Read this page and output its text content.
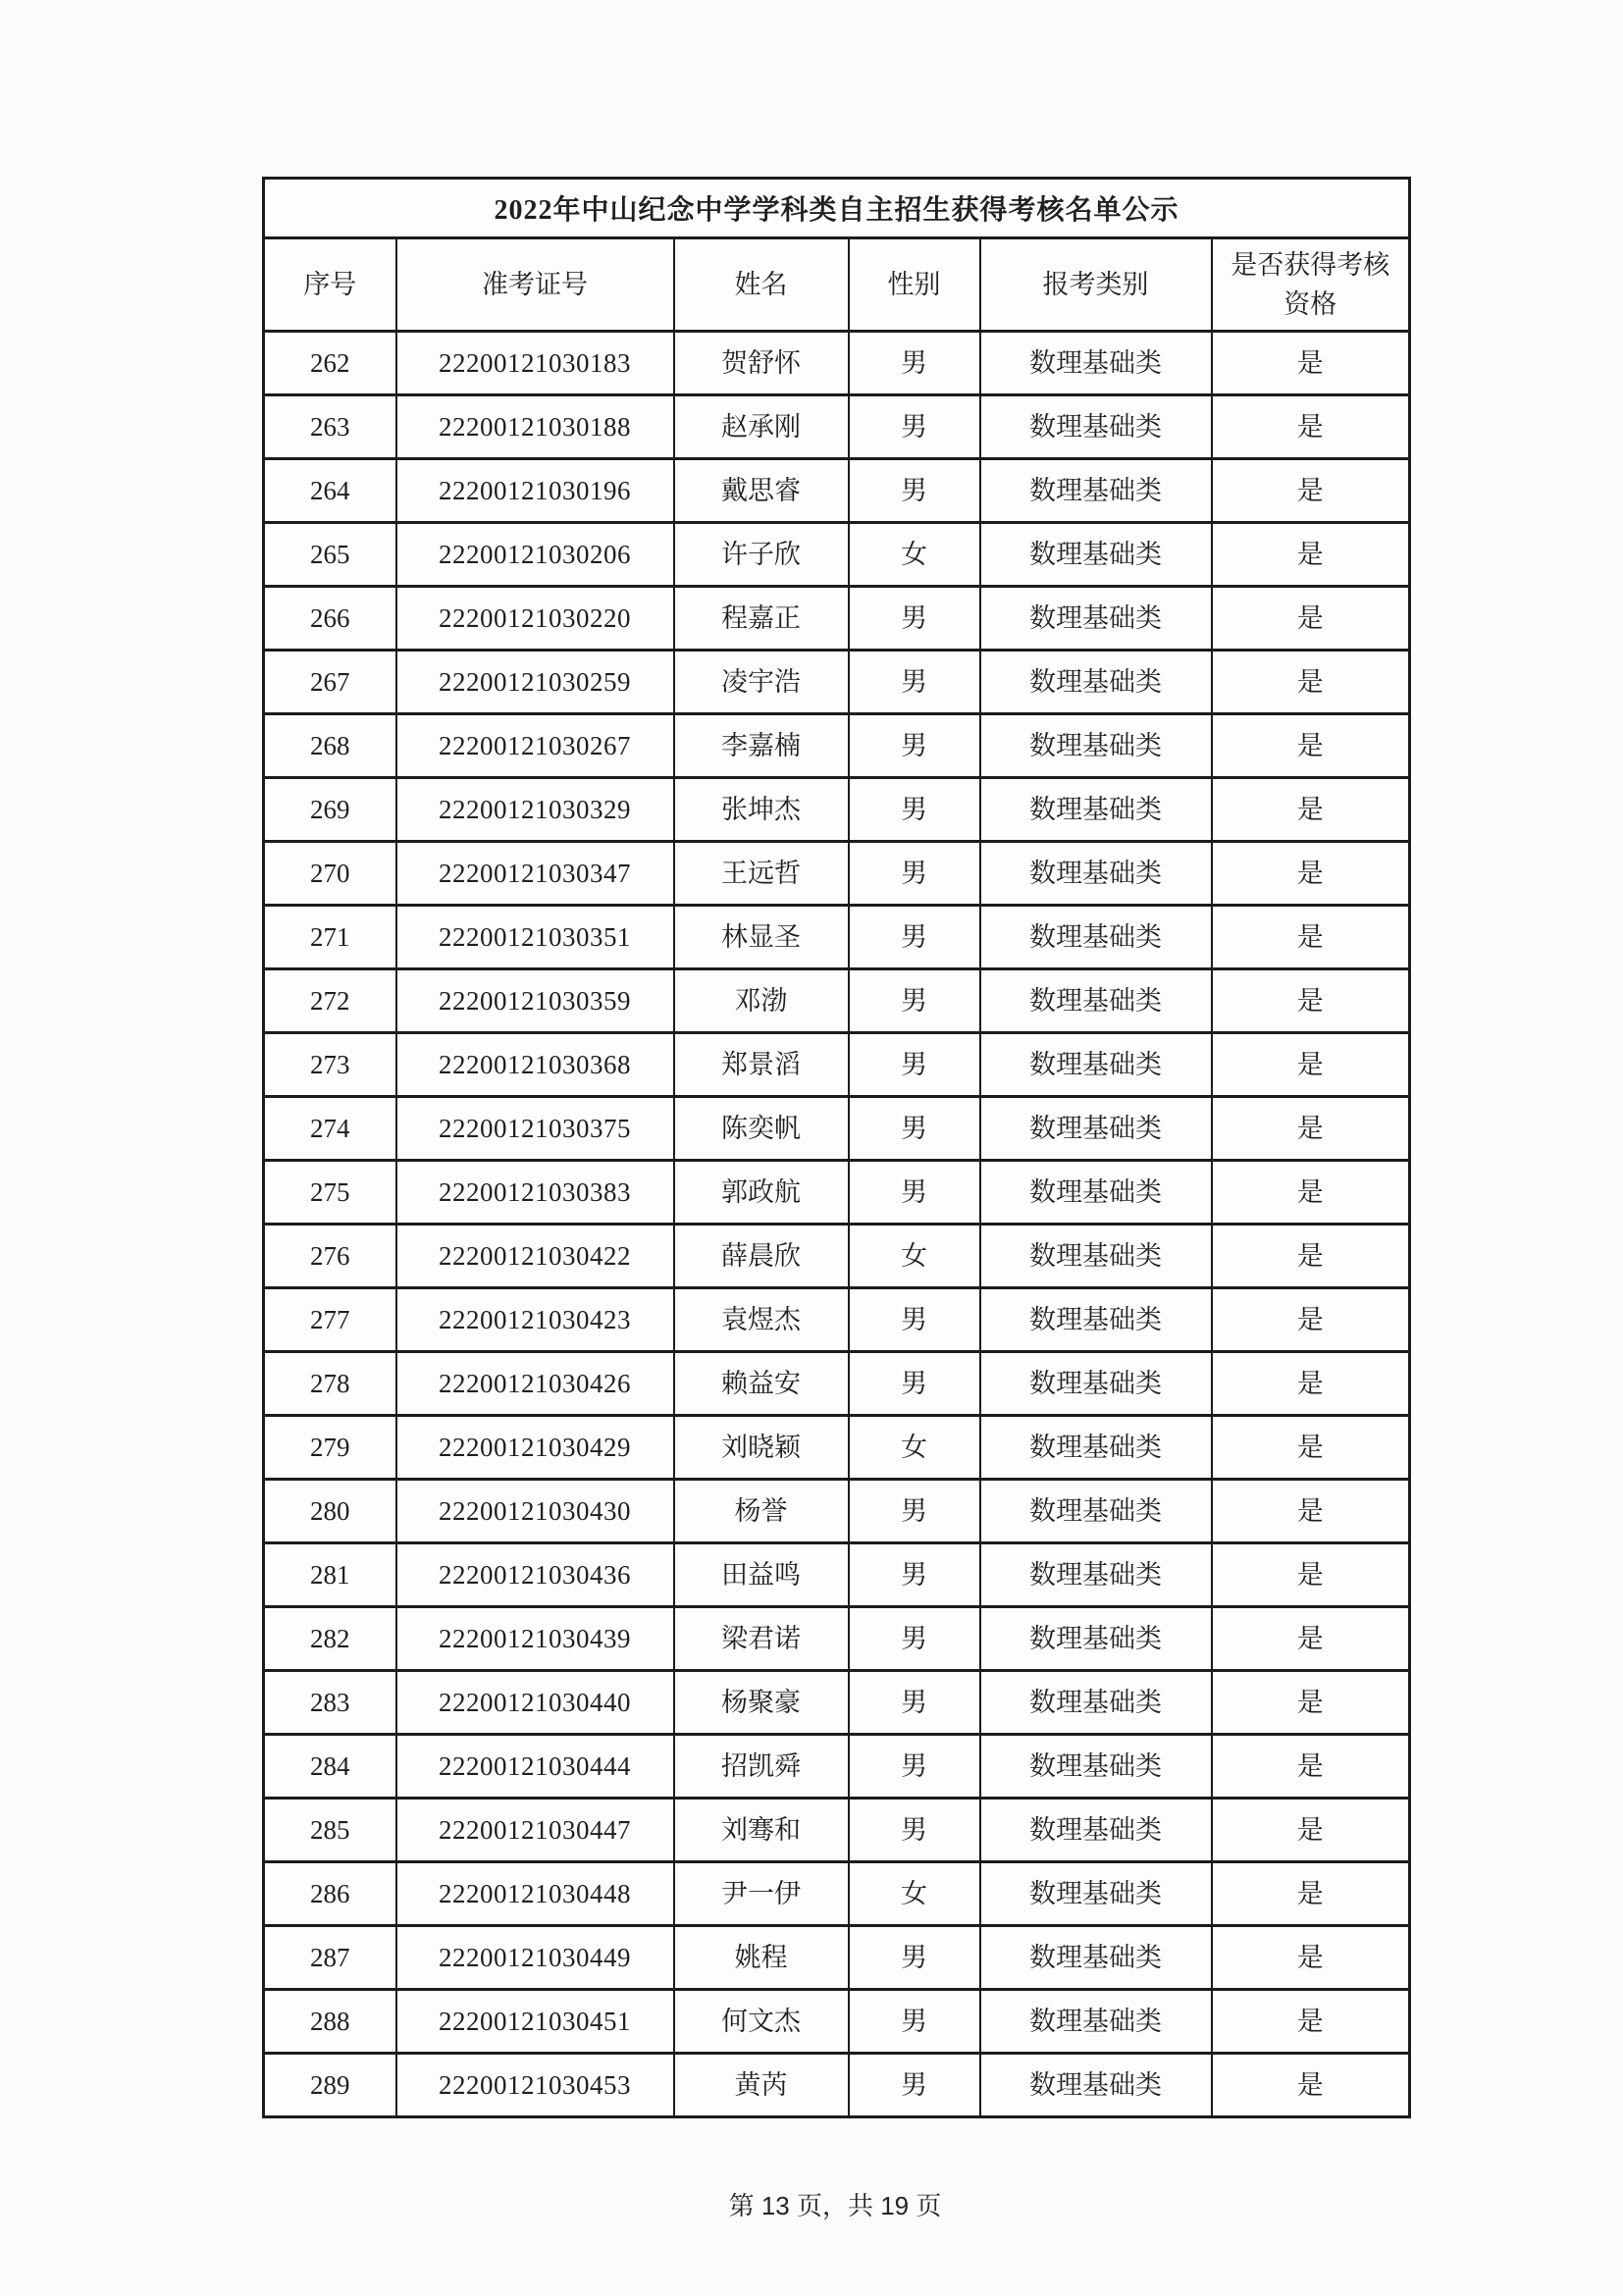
2022年中山纪念中学学科类自主招生获得考核名单公示					
序号	准考证号	姓名	性别	报考类别	是否获得考核资格
262	22200121030183	贺舒怀	男	数理基础类	是
263	22200121030188	赵承刚	男	数理基础类	是
264	22200121030196	戴思睿	男	数理基础类	是
265	22200121030206	许子欣	女	数理基础类	是
266	22200121030220	程嘉正	男	数理基础类	是
267	22200121030259	凌宇浩	男	数理基础类	是
268	22200121030267	李嘉楠	男	数理基础类	是
269	22200121030329	张坤杰	男	数理基础类	是
270	22200121030347	王远哲	男	数理基础类	是
271	22200121030351	林显圣	男	数理基础类	是
272	22200121030359	邓渤	男	数理基础类	是
273	22200121030368	郑景滔	男	数理基础类	是
274	22200121030375	陈奕帆	男	数理基础类	是
275	22200121030383	郭政航	男	数理基础类	是
276	22200121030422	薛晨欣	女	数理基础类	是
277	22200121030423	袁煜杰	男	数理基础类	是
278	22200121030426	赖益安	男	数理基础类	是
279	22200121030429	刘晓颖	女	数理基础类	是
280	22200121030430	杨誉	男	数理基础类	是
281	22200121030436	田益鸣	男	数理基础类	是
282	22200121030439	梁君诺	男	数理基础类	是
283	22200121030440	杨聚豪	男	数理基础类	是
284	22200121030444	招凯舜	男	数理基础类	是
285	22200121030447	刘骞和	男	数理基础类	是
286	22200121030448	尹一伊	女	数理基础类	是
287	22200121030449	姚程	男	数理基础类	是
288	22200121030451	何文杰	男	数理基础类	是
289	22200121030453	黄芮	男	数理基础类	是
第 13 页，共 19 页
